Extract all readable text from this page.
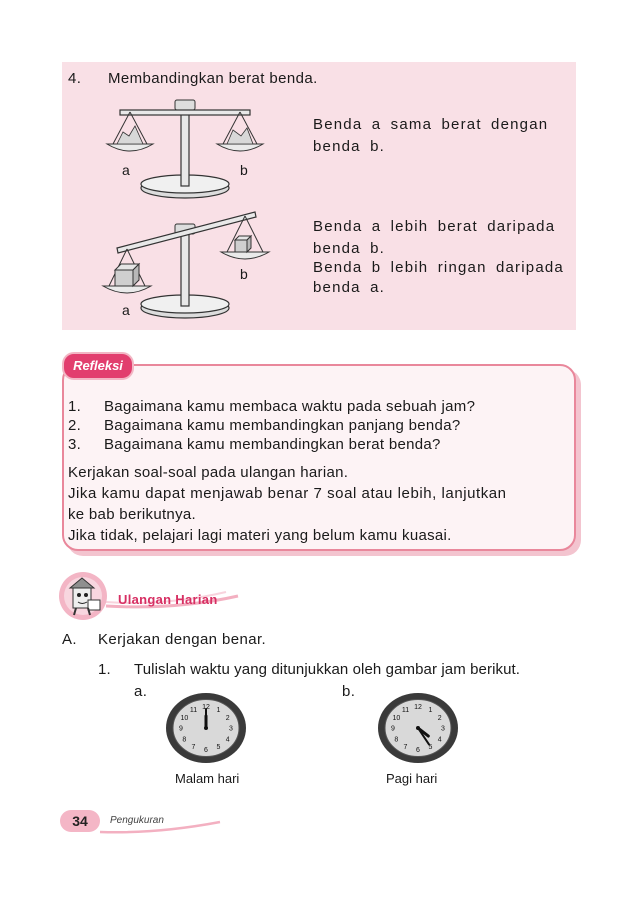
4. Membandingkan berat benda.
a	b
Benda a sama berat dengan
benda b.
b
a
Benda a lebih berat daripada
benda b.
Benda b lebih ringan daripada
benda a.
Refleksi
1. Bagaimana kamu membaca waktu pada sebuah jam?
2. Bagaimana kamu membandingkan panjang benda?
3. Bagaimana kamu membandingkan berat benda?
Kerjakan soal-soal pada ulangan harian.
Jika kamu dapat menjawab benar 7 soal atau lebih, lanjutkan
ke bab berikutnya.
Jika tidak, pelajari lagi materi yang belum kamu kuasai.
Ulangan Harian
A. Kerjakan dengan benar.
1. Tulislah waktu yang ditunjukkan oleh gambar jam berikut.
a.	b.
12 1
2
3
4
5
6
7
8
9
10
11	12 1
2
3
4
5
6
7
8
9
10
11
Malam hari	Pagi hari
34	Pengukuran
